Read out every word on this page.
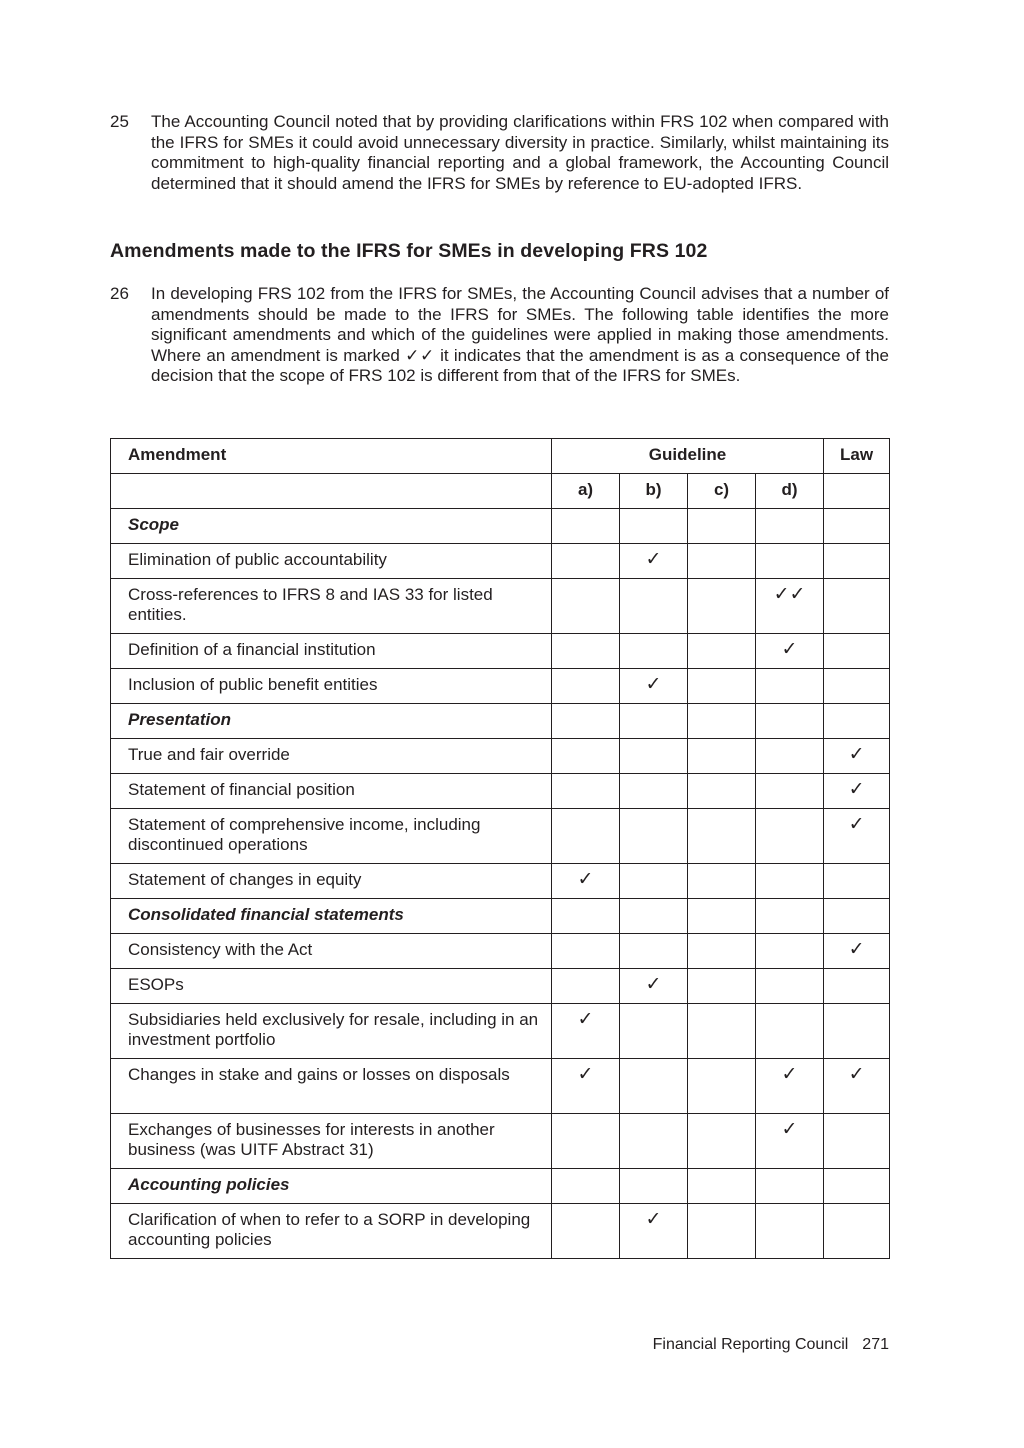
25 The Accounting Council noted that by providing clarifications within FRS 102 when compared with the IFRS for SMEs it could avoid unnecessary diversity in practice. Similarly, whilst maintaining its commitment to high-quality financial reporting and a global framework, the Accounting Council determined that it should amend the IFRS for SMEs by reference to EU-adopted IFRS.
Amendments made to the IFRS for SMEs in developing FRS 102
26 In developing FRS 102 from the IFRS for SMEs, the Accounting Council advises that a number of amendments should be made to the IFRS for SMEs. The following table identifies the more significant amendments and which of the guidelines were applied in making those amendments. Where an amendment is marked ✓✓ it indicates that the amendment is as a consequence of the decision that the scope of FRS 102 is different from that of the IFRS for SMEs.
Amendment	Guideline				Law
	a)	b)	c)	d)	
Scope					
Elimination of public accountability		✓			
Cross-references to IFRS 8 and IAS 33 for listed entities.				✓✓	
Definition of a financial institution				✓	
Inclusion of public benefit entities		✓			
Presentation					
True and fair override					✓
Statement of financial position					✓
Statement of comprehensive income, including discontinued operations					✓
Statement of changes in equity	✓				
Consolidated financial statements					
Consistency with the Act					✓
ESOPs		✓			
Subsidiaries held exclusively for resale, including in an investment portfolio	✓				
Changes in stake and gains or losses on disposals	✓			✓	✓
Exchanges of businesses for interests in another business (was UITF Abstract 31)				✓	
Accounting policies					
Clarification of when to refer to a SORP in developing accounting policies		✓			
Financial Reporting Council 271
